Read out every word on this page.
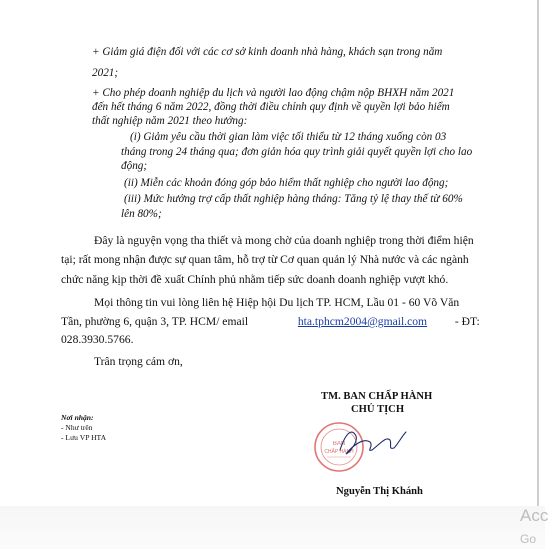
+ Giảm giá điện đối với các cơ sở kinh doanh nhà hàng, khách sạn trong năm
2021;
+ Cho phép doanh nghiệp du lịch và người lao động chậm nộp BHXH năm 2021
đến hết tháng 6 năm 2022, đồng thời điều chỉnh quy định về quyền lợi bảo hiểm
thất nghiệp năm 2021 theo hướng:
(i) Giảm yêu cầu thời gian làm việc tối thiểu từ 12 tháng xuống còn 03
tháng trong 24 tháng qua; đơn giản hóa quy trình giải quyết quyền lợi cho lao
động;
(ii) Miễn các khoản đóng góp bảo hiểm thất nghiệp cho người lao động;
(iii) Mức hưởng trợ cấp thất nghiệp hàng tháng: Tăng tỷ lệ thay thế từ 60%
lên 80%;
Đây là nguyện vọng tha thiết và mong chờ của doanh nghiệp trong thời điểm hiện
tại; rất mong nhận được sự quan tâm, hỗ trợ từ Cơ quan quản lý Nhà nước và các ngành
chức năng kịp thời đề xuất Chính phủ nhằm tiếp sức doanh doanh nghiệp vượt khó.
Mọi thông tin vui lòng liên hệ Hiệp hội Du lịch TP. HCM, Lầu 01 - 60 Võ Văn
Tần, phường 6, quận 3, TP. HCM/ email	hta.tphcm2004@gmail.com - ĐT:
028.3930.5766.
Trân trọng cám ơn,
TM. BAN CHẤP HÀNH
CHỦ TỊCH
Nơi nhận:
- Như trên
- Lưu VP HTA
BAN
CHẤP HÀNH
Nguyễn Thị Khánh
Acc
Go
